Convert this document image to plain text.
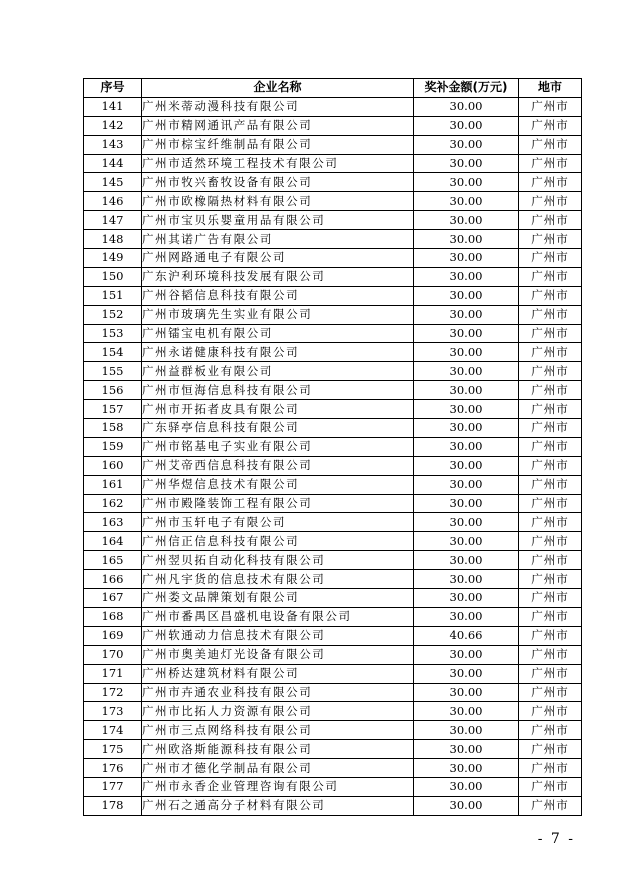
序号	企业名称	奖补金额(万元)	地市
141	广州米蒂动漫科技有限公司	30.00	广州市
142	广州市精网通讯产品有限公司	30.00	广州市
143	广州市棕宝纤维制品有限公司	30.00	广州市
144	广州市适然环境工程技术有限公司	30.00	广州市
145	广州市牧兴畜牧设备有限公司	30.00	广州市
146	广州市欧橡隔热材料有限公司	30.00	广州市
147	广州市宝贝乐婴童用品有限公司	30.00	广州市
148	广州其诺广告有限公司	30.00	广州市
149	广州网路通电子有限公司	30.00	广州市
150	广东沪利环境科技发展有限公司	30.00	广州市
151	广州谷韬信息科技有限公司	30.00	广州市
152	广州市玻璃先生实业有限公司	30.00	广州市
153	广州镭宝电机有限公司	30.00	广州市
154	广州永诺健康科技有限公司	30.00	广州市
155	广州益群板业有限公司	30.00	广州市
156	广州市恒海信息科技有限公司	30.00	广州市
157	广州市开拓者皮具有限公司	30.00	广州市
158	广东驿亭信息科技有限公司	30.00	广州市
159	广州市铭基电子实业有限公司	30.00	广州市
160	广州艾帝西信息科技有限公司	30.00	广州市
161	广州华煜信息技术有限公司	30.00	广州市
162	广州市殿隆装饰工程有限公司	30.00	广州市
163	广州市玉轩电子有限公司	30.00	广州市
164	广州信正信息科技有限公司	30.00	广州市
165	广州翌贝拓自动化科技有限公司	30.00	广州市
166	广州凡宇货的信息技术有限公司	30.00	广州市
167	广州娄文品牌策划有限公司	30.00	广州市
168	广州市番禺区昌盛机电设备有限公司	30.00	广州市
169	广州软通动力信息技术有限公司	40.66	广州市
170	广州市奥美迪灯光设备有限公司	30.00	广州市
171	广州桥达建筑材料有限公司	30.00	广州市
172	广州市卉通农业科技有限公司	30.00	广州市
173	广州市比拓人力资源有限公司	30.00	广州市
174	广州市三点网络科技有限公司	30.00	广州市
175	广州欧洛斯能源科技有限公司	30.00	广州市
176	广州市才德化学制品有限公司	30.00	广州市
177	广州市永香企业管理咨询有限公司	30.00	广州市
178	广州石之通高分子材料有限公司	30.00	广州市
- 7 -
